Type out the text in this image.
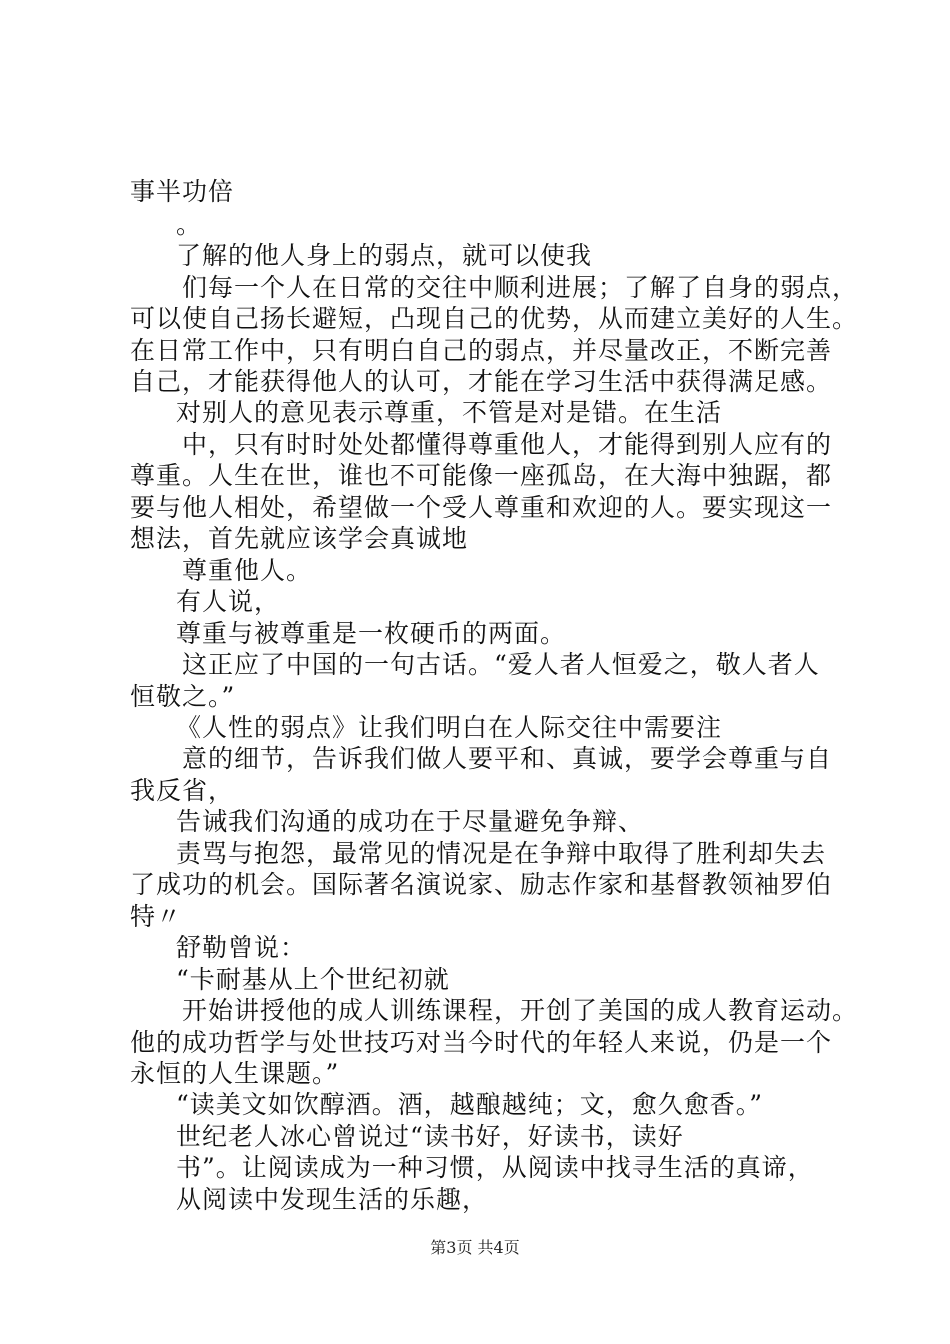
事半功倍
。
了解的他人身上的弱点，就可以使我
们每一个人在日常的交往中顺利进展；了解了自身的弱点，
可以使自己扬长避短，凸现自己的优势，从而建立美好的人生。
在日常工作中，只有明白自己的弱点，并尽量改正，不断完善
自己，才能获得他人的认可，才能在学习生活中获得满足感。
对别人的意见表示尊重，不管是对是错。在生活
中，只有时时处处都懂得尊重他人，才能得到别人应有的
尊重。人生在世，谁也不可能像一座孤岛，在大海中独踞，都
要与他人相处，希望做一个受人尊重和欢迎的人。要实现这一
想法，首先就应该学会真诚地
尊重他人。
有人说，
尊重与被尊重是一枚硬币的两面。
这正应了中国的一句古话。“爱人者人恒爱之，敬人者人
恒敬之。”
《人性的弱点》让我们明白在人际交往中需要注
意的细节，告诉我们做人要平和、真诚，要学会尊重与自
我反省，
告诫我们沟通的成功在于尽量避免争辩、
责骂与抱怨，最常见的情况是在争辩中取得了胜利却失去
了成功的机会。国际著名演说家、励志作家和基督教领袖罗伯
特〃
舒勒曾说：
“卡耐基从上个世纪初就
开始讲授他的成人训练课程，开创了美国的成人教育运动。
他的成功哲学与处世技巧对当今时代的年轻人来说，仍是一个
永恒的人生课题。”
“读美文如饮醇酒。酒，越酿越纯；文，愈久愈香。”
世纪老人冰心曾说过“读书好，好读书，读好
书”。让阅读成为一种习惯，从阅读中找寻生活的真谛，
从阅读中发现生活的乐趣，
第3页 共4页
